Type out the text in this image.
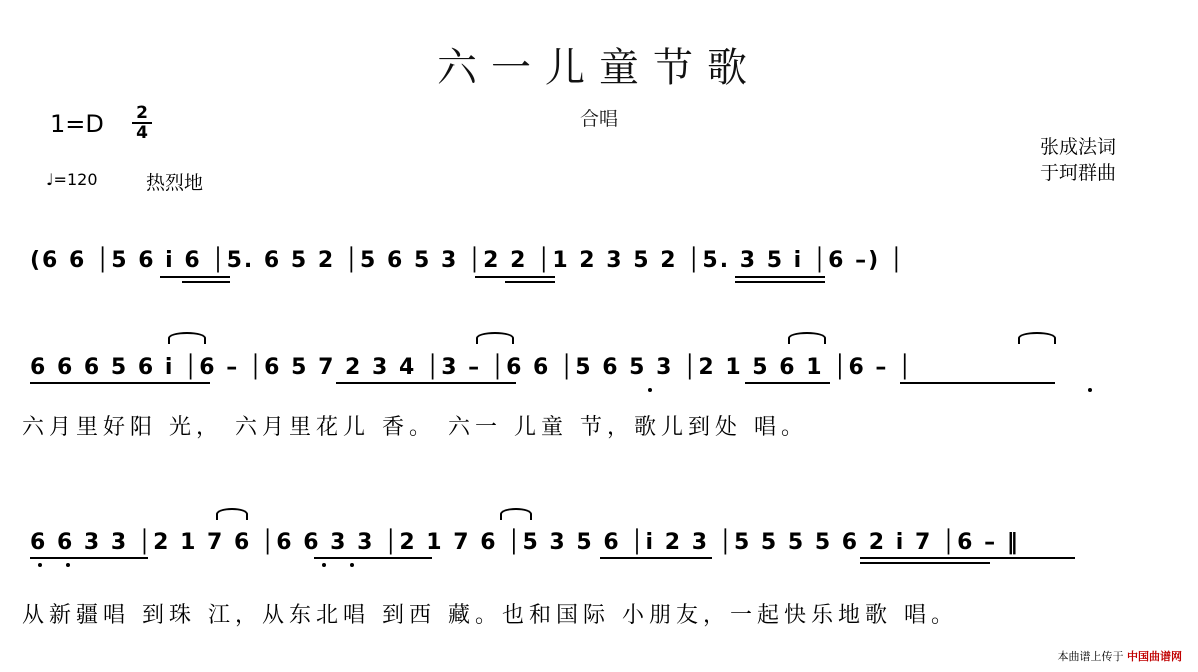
六一儿童节歌
合唱
1=D 2
4
♩=120	热烈地
张成法词
于珂群曲
(6 6 │5 6 i 6 │5. 6 5 2 │5 6 5 3 │2 2 │1 2 3 5 2 │5. 3 5 i │6 –) │
6 6 6 5 6 i │6 – │6 5 7 2 3 4 │3 – │6 6 │5 6 5 3 │2 1 5 6 1 │6 – │
六月里好阳 光， 六月里花儿 香。 六一 儿童 节，歌儿到处 唱。
6 6 3 3 │2 1 7 6 │6 6 3 3 │2 1 7 6 │5 3 5 6 │i 2 3 │5 5 5 5 6 2 i 7 │6 – ‖
从新疆唱 到珠 江，从东北唱 到西 藏。也和国际 小朋友，一起快乐地歌 唱。
本曲谱上传于 中国曲谱网
